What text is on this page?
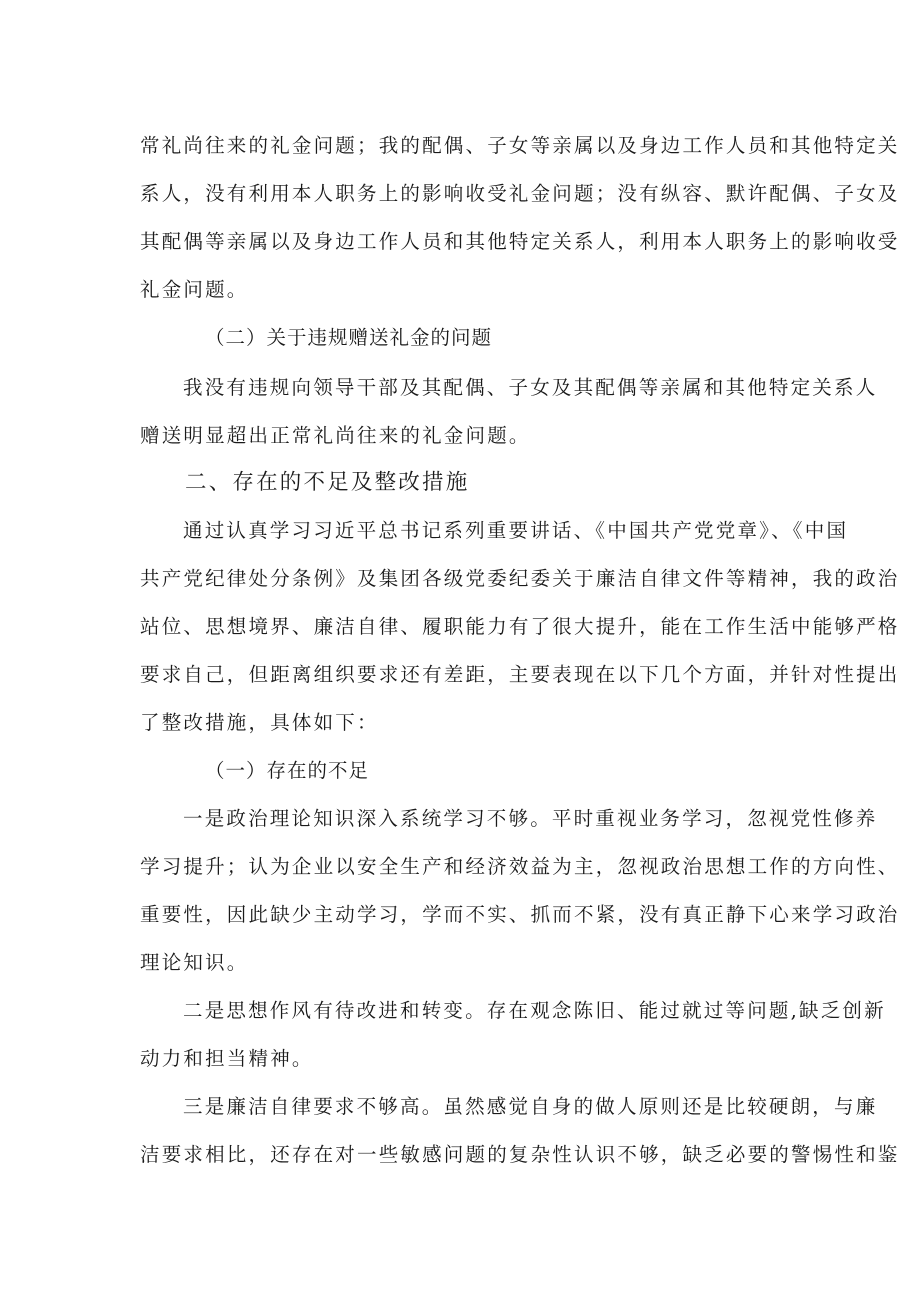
常礼尚往来的礼金问题；我的配偶、子女等亲属以及身边工作人员和其他特定关
系人，没有利用本人职务上的影响收受礼金问题；没有纵容、默许配偶、子女及
其配偶等亲属以及身边工作人员和其他特定关系人，利用本人职务上的影响收受
礼金问题。
（二）关于违规赠送礼金的问题
我没有违规向领导干部及其配偶、子女及其配偶等亲属和其他特定关系人
赠送明显超出正常礼尚往来的礼金问题。
二、存在的不足及整改措施
通过认真学习习近平总书记系列重要讲话、《中国共产党党章》、《中国
共产党纪律处分条例》及集团各级党委纪委关于廉洁自律文件等精神，我的政治
站位、思想境界、廉洁自律、履职能力有了很大提升，能在工作生活中能够严格
要求自己，但距离组织要求还有差距，主要表现在以下几个方面，并针对性提出
了整改措施，具体如下：
（一）存在的不足
一是政治理论知识深入系统学习不够。平时重视业务学习，忽视党性修养
学习提升；认为企业以安全生产和经济效益为主，忽视政治思想工作的方向性、
重要性，因此缺少主动学习，学而不实、抓而不紧，没有真正静下心来学习政治
理论知识。
二是思想作风有待改进和转变。存在观念陈旧、能过就过等问题,缺乏创新
动力和担当精神。
三是廉洁自律要求不够高。虽然感觉自身的做人原则还是比较硬朗，与廉
洁要求相比，还存在对一些敏感问题的复杂性认识不够，缺乏必要的警惕性和鉴
